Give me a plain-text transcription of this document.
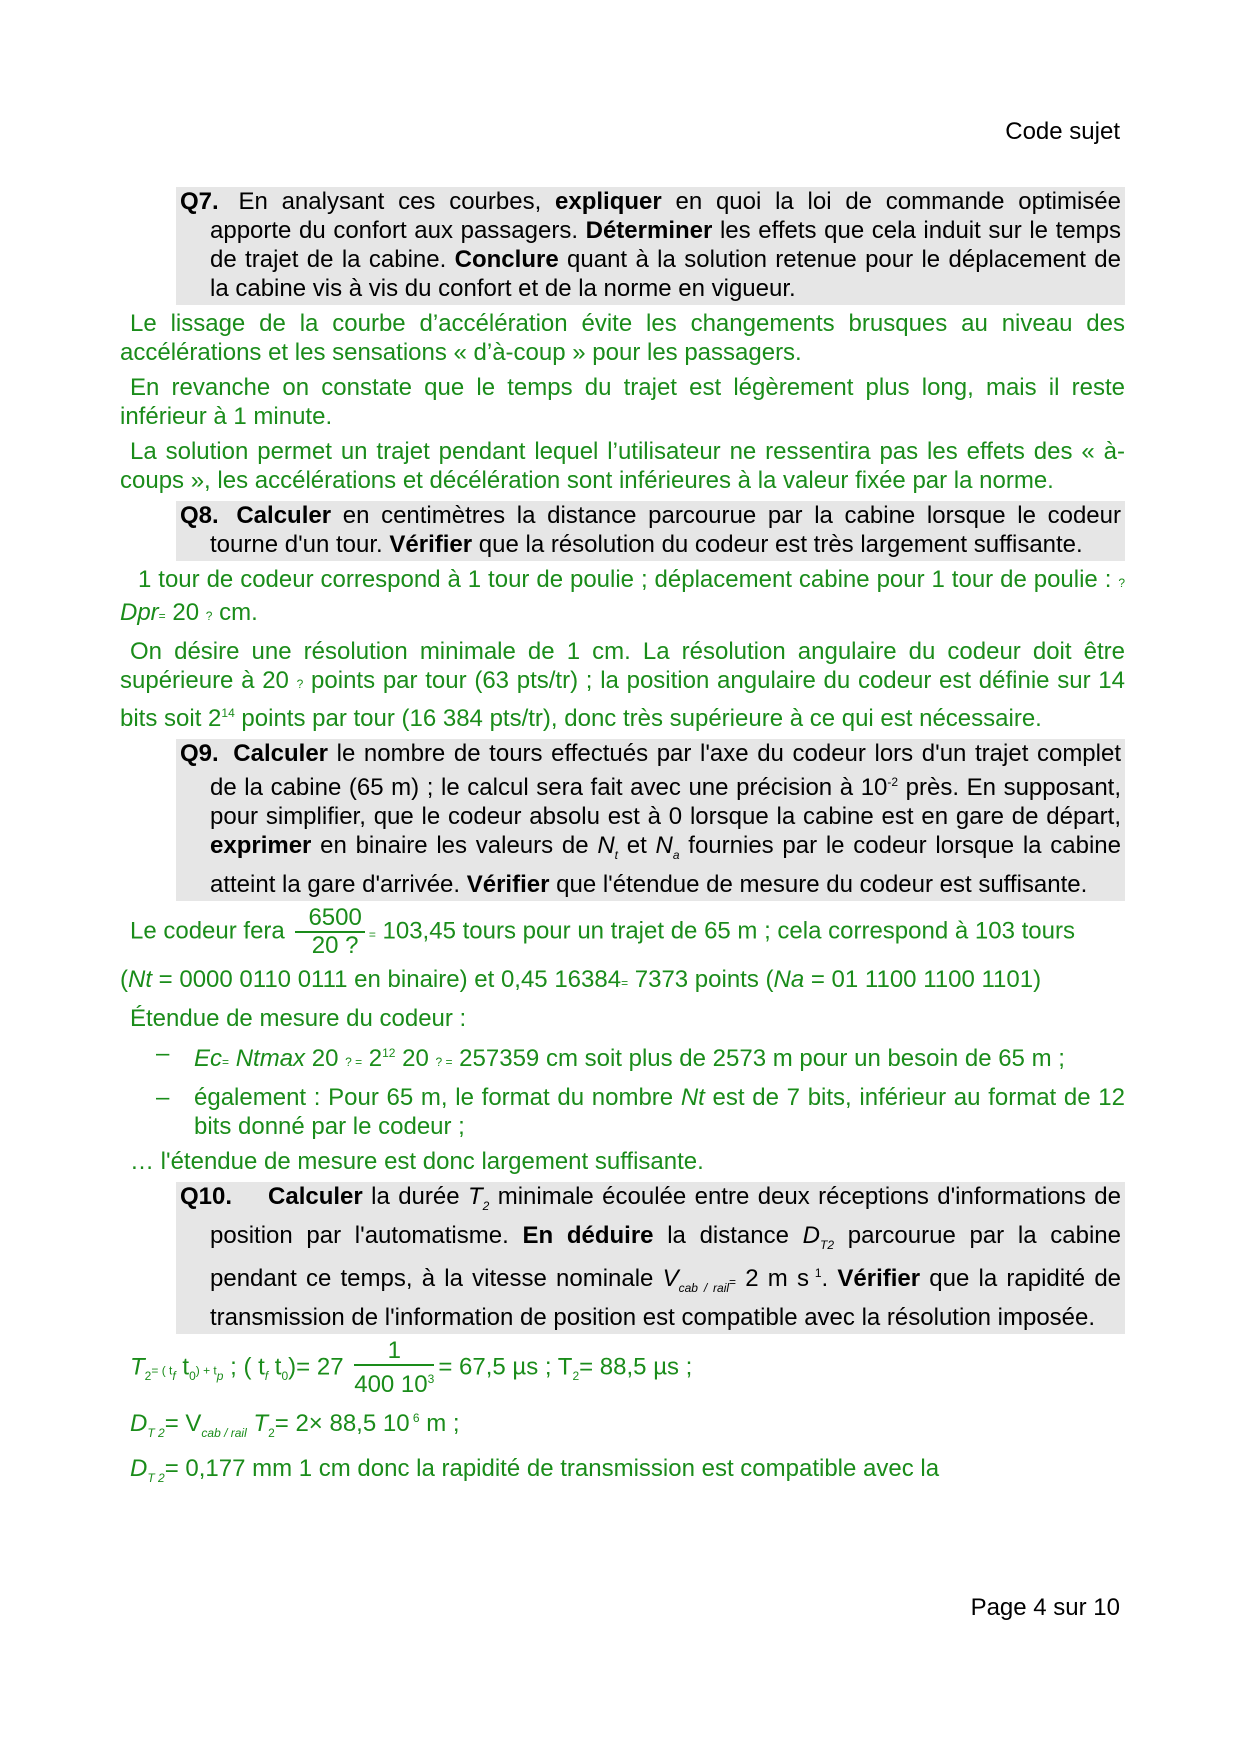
Code sujet
Q7. En analysant ces courbes, expliquer en quoi la loi de commande optimisée apporte du confort aux passagers. Déterminer les effets que cela induit sur le temps de trajet de la cabine. Conclure quant à la solution retenue pour le déplacement de la cabine vis à vis du confort et de la norme en vigueur.

Le lissage de la courbe d’accélération évite les changements brusques au niveau des accélérations et les sensations « d’à-coup » pour les passagers.

En revanche on constate que le temps du trajet est légèrement plus long, mais il reste inférieur à 1 minute.

La solution permet un trajet pendant lequel l’utilisateur ne ressentira pas les effets des « à-coups », les accélérations et décélération sont inférieures à la valeur fixée par la norme.

Q8. Calculer en centimètres la distance parcourue par la cabine lorsque le codeur tourne d'un tour. Vérifier que la résolution du codeur est très largement suffisante.

1 tour de codeur correspond à 1 tour de poulie ; déplacement cabine pour 1 tour de poulie : ? Dpr= 20 ? cm.

On désire une résolution minimale de 1 cm. La résolution angulaire du codeur doit être supérieure à 20 ? points par tour (63 pts/tr) ; la position angulaire du codeur est définie sur 14 bits soit $2^{14}$ points par tour (16 384 pts/tr), donc très supérieure à ce qui est nécessaire.

Q9. Calculer le nombre de tours effectués par l'axe du codeur lors d'un trajet complet de la cabine (65 m) ; le calcul sera fait avec une précision à $10^{-2}$ près. En supposant, pour simplifier, que le codeur absolu est à 0 lorsque la cabine est en gare de départ, exprimer en binaire les valeurs de $N_t$ et $N_a$ fournies par le codeur lorsque la cabine atteint la gare d'arrivée. Vérifier que l'étendue de mesure du codeur est suffisante.

Le codeur fera $\frac{6500}{20 ?} = 103,45$ tours pour un trajet de 65 m ; cela correspond à 103 tours

(Nt = 0000 0110 0111 en binaire) et 0,45 16384= 7373 points (Na = 01 1100 1100 1101)

Étendue de mesure du codeur :

–	Ec= Ntmax 20 ? = $2^{12}$ 20 ? = 257359 cm soit plus de 2573 m pour un besoin de 65 m ;
–	également : Pour 65 m, le format du nombre Nt est de 7 bits, inférieur au format de 12 bits donné par le codeur ;

… l'étendue de mesure est donc largement suffisante.

Q10. Calculer la durée $T_2$ minimale écoulée entre deux réceptions d'informations de position par l'automatisme. En déduire la distance $D_{T2}$ parcourue par la cabine pendant ce temps, à la vitesse nominale $V_{cab / rail}= 2$ m s $^1$. Vérifier que la rapidité de transmission de l'information de position est compatible avec la résolution imposée.

$T_2=$ ( $t_f$ $t_0) + t_p$ ; ( $t_f$ $t_0)= 27 \frac{1}{400 10^3} = 67,5$ µs ; $T_2= 88,5$ µs ;

$D_{T 2}= V_{cab / rail}$ $T_2= 2\times 88,5$ 10 $^6$ m ;

$D_{T 2}= 0,177$ mm 1 cm donc la rapidité de transmission est compatible avec la

Page 4 sur 10
